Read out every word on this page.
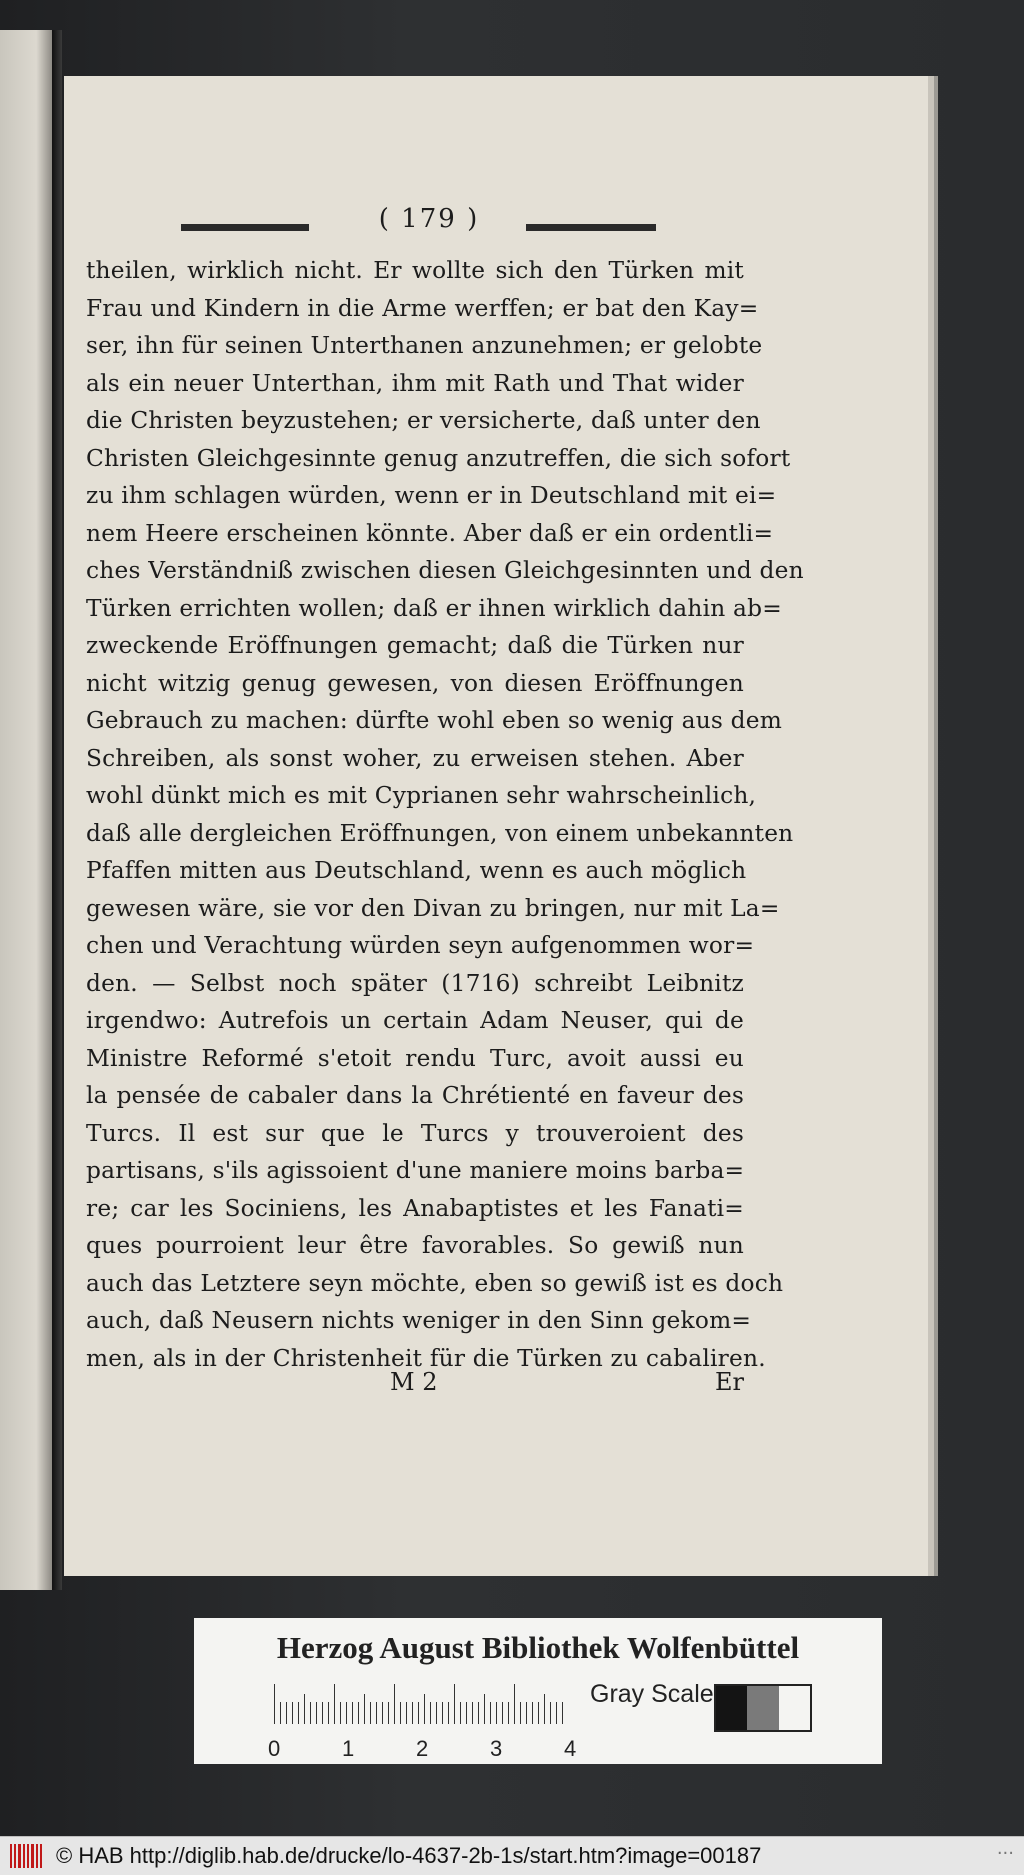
( 179 )
theilen, wirklich nicht. Er wollte sich den Türken mit
Frau und Kindern in die Arme werffen; er bat den Kay=
ser, ihn für seinen Unterthanen anzunehmen; er gelobte
als ein neuer Unterthan, ihm mit Rath und That wider
die Christen beyzustehen; er versicherte, daß unter den
Christen Gleichgesinnte genug anzutreffen, die sich sofort
zu ihm schlagen würden, wenn er in Deutschland mit ei=
nem Heere erscheinen könnte. Aber daß er ein ordentli=
ches Verständniß zwischen diesen Gleichgesinnten und den
Türken errichten wollen; daß er ihnen wirklich dahin ab=
zweckende Eröffnungen gemacht; daß die Türken nur
nicht witzig genug gewesen, von diesen Eröffnungen
Gebrauch zu machen: dürfte wohl eben so wenig aus dem
Schreiben, als sonst woher, zu erweisen stehen. Aber
wohl dünkt mich es mit Cyprianen sehr wahrscheinlich,
daß alle dergleichen Eröffnungen, von einem unbekannten
Pfaffen mitten aus Deutschland, wenn es auch möglich
gewesen wäre, sie vor den Divan zu bringen, nur mit La=
chen und Verachtung würden seyn aufgenommen wor=
den. — Selbst noch später (1716) schreibt Leibnitz
irgendwo: Autrefois un certain Adam Neuser, qui de
Ministre Reformé s'etoit rendu Turc, avoit aussi eu
la pensée de cabaler dans la Chrétienté en faveur des
Turcs. Il est sur que le Turcs y trouveroient des
partisans, s'ils agissoient d'une maniere moins barba=
re; car les Sociniens, les Anabaptistes et les Fanati=
ques pourroient leur être favorables. So gewiß nun
auch das Letztere seyn möchte, eben so gewiß ist es doch
auch, daß Neusern nichts weniger in den Sinn gekom=
men, als in der Christenheit für die Türken zu cabaliren.
M 2	Er
Herzog August Bibliothek Wolfenbüttel
0	1	2	3	4
Gray Scale
© HAB http://diglib.hab.de/drucke/lo-4637-2b-1s/start.htm?image=00187	···
